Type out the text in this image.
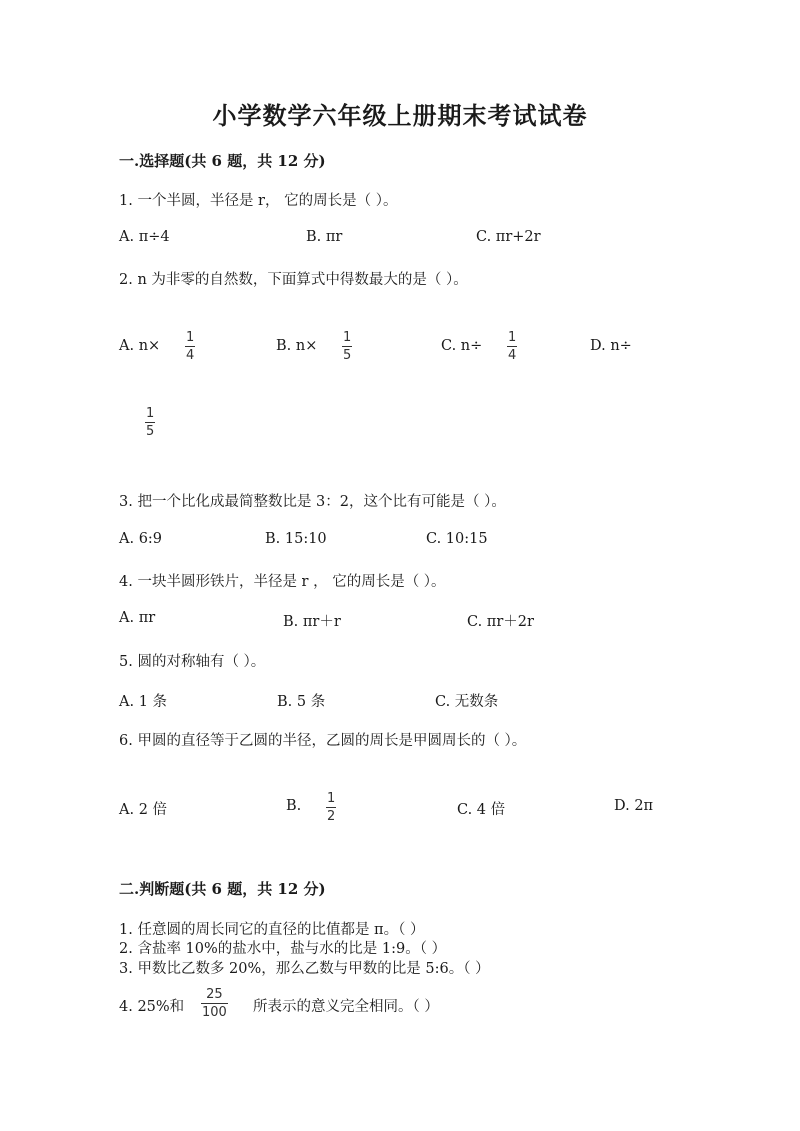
小学数学六年级上册期末考试试卷
一.选择题(共 6 题，共 12 分)
1. 一个半圆，半径是 r， 它的周长是（ ）。
A. π÷4	B. πr	C. πr+2r
2. n 为非零的自然数，下面算式中得数最大的是（ ）。
A. n×
1
4
B. n×
1
5
C. n÷
1
4
D. n÷
1
5
3. 把一个比化成最简整数比是 3：2，这个比有可能是（ ）。
A. 6:9	B. 15:10	C. 10:15
4. 一块半圆形铁片，半径是 r ， 它的周长是（ ）。
A. πr	B. πr＋r	C. πr＋2r
5. 圆的对称轴有（ ）。
A. 1 条	B. 5 条	C. 无数条
6. 甲圆的直径等于乙圆的半径，乙圆的周长是甲圆周长的（ ）。
A. 2 倍	B. 1
2	C. 4 倍	D. 2π
二.判断题(共 6 题，共 12 分)
1. 任意圆的周长同它的直径的比值都是 π。（ ）
2. 含盐率 10%的盐水中，盐与水的比是 1:9。（ ）
3. 甲数比乙数多 20%，那么乙数与甲数的比是 5:6。（ ）
4. 25%和
25
100 所表示的意义完全相同。（ ）
